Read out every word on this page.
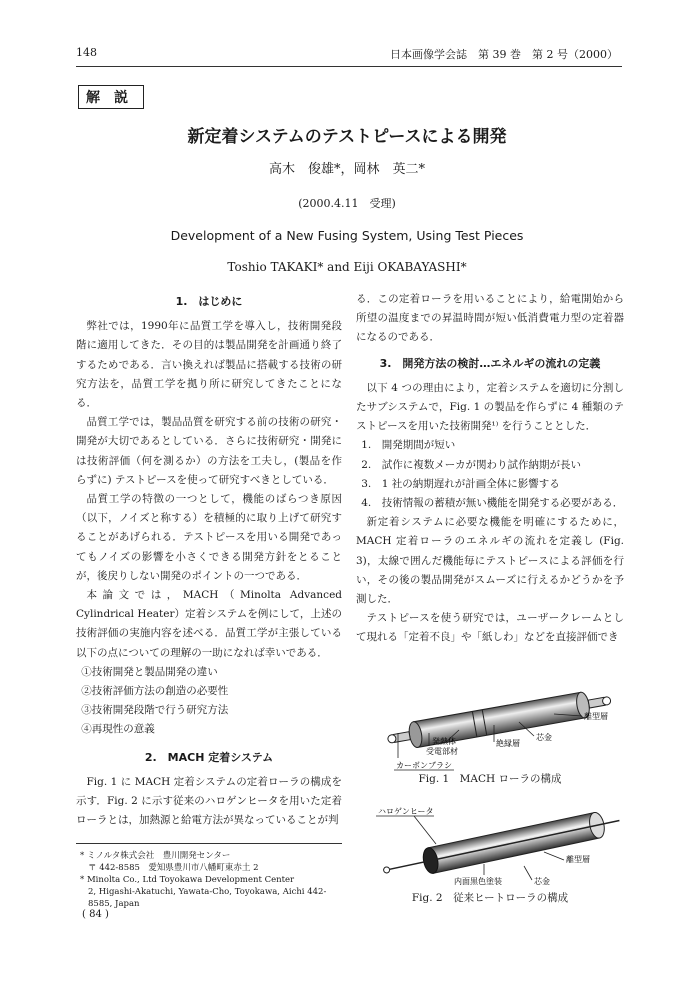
148	日本画像学会誌　第 39 巻　第 2 号（2000）
解説
新定着システムのテストピースによる開発
高木　俊雄*，岡林　英二*
(2000.4.11　受理)
Development of a New Fusing System, Using Test Pieces
Toshio TAKAKI* and Eiji OKABAYASHI*
1.　はじめに

弊社では，1990年に品質工学を導入し，技術開発段階に適用してきた．その目的は製品開発を計画通り終了するためである．言い換えれば製品に搭載する技術の研究方法を，品質工学を拠り所に研究してきたことになる．

品質工学では，製品品質を研究する前の技術の研究・開発が大切であるとしている．さらに技術研究・開発には技術評価（何を測るか）の方法を工夫し，(製品を作らずに) テストピースを使って研究すべきとしている．

品質工学の特徴の一つとして，機能のばらつき原因（以下，ノイズと称する）を積極的に取り上げて研究することがあげられる．テストピースを用いる開発であってもノイズの影響を小さくできる開発方針をとることが，後戻りしない開発のポイントの一つである．

本論文では，MACH（Minolta Advanced Cylindrical Heater）定着システムを例にして，上述の技術評価の実施内容を述べる．品質工学が主張している以下の点についての理解の一助になれば幸いである．

①技術開発と製品開発の違い
②技術評価方法の創造の必要性
③技術開発段階で行う研究方法
④再現性の意義
2.　MACH 定着システム

Fig. 1 に MACH 定着システムの定着ローラの構成を示す．Fig. 2 に示す従来のハロゲンヒータを用いた定着ローラとは，加熱源と給電方法が異なっていることが判

る．この定着ローラを用いることにより，給電開始から所望の温度までの昇温時間が短い低消費電力型の定着器になるのである．

3.　開発方法の検討…エネルギの流れの定義

以下 4 つの理由により，定着システムを適切に分割したサブシステムで，Fig. 1 の製品を作らずに 4 種類のテストピースを用いた技術開発¹⁾ を行うこととした．

1.　開発期間が短い
2.　試作に複数メーカが関わり試作納期が長い
3.　1 社の納期遅れが計画全体に影響する
4.　技術情報の蓄積が無い機能を開発する必要がある．

新定着システムに必要な機能を明確にするために，MACH 定着ローラのエネルギの流れを定義し (Fig. 3)，太線で囲んだ機能毎にテストピースによる評価を行い，その後の製品開発がスムーズに行えるかどうかを予測した．

テストピースを使う研究では，ユーザークレームとして現れる「定着不良」や「紙しわ」などを直接評価でき

離型層
芯金
絶縁層
発熱体
受電部材
カーボンブラシ
Fig. 1　MACH ローラの構成
ハロゲンヒータ
離型層
芯金
内面黒色塗装
Fig. 2　従来ヒートローラの構成
* ミノルタ株式会社　豊川開発センター
〒 442-8585　愛知県豊川市八幡町東赤土 2
* Minolta Co., Ltd Toyokawa Development Center
2, Higashi-Akatuchi, Yawata-Cho, Toyokawa, Aichi 442-8585, Japan
( 84 )
